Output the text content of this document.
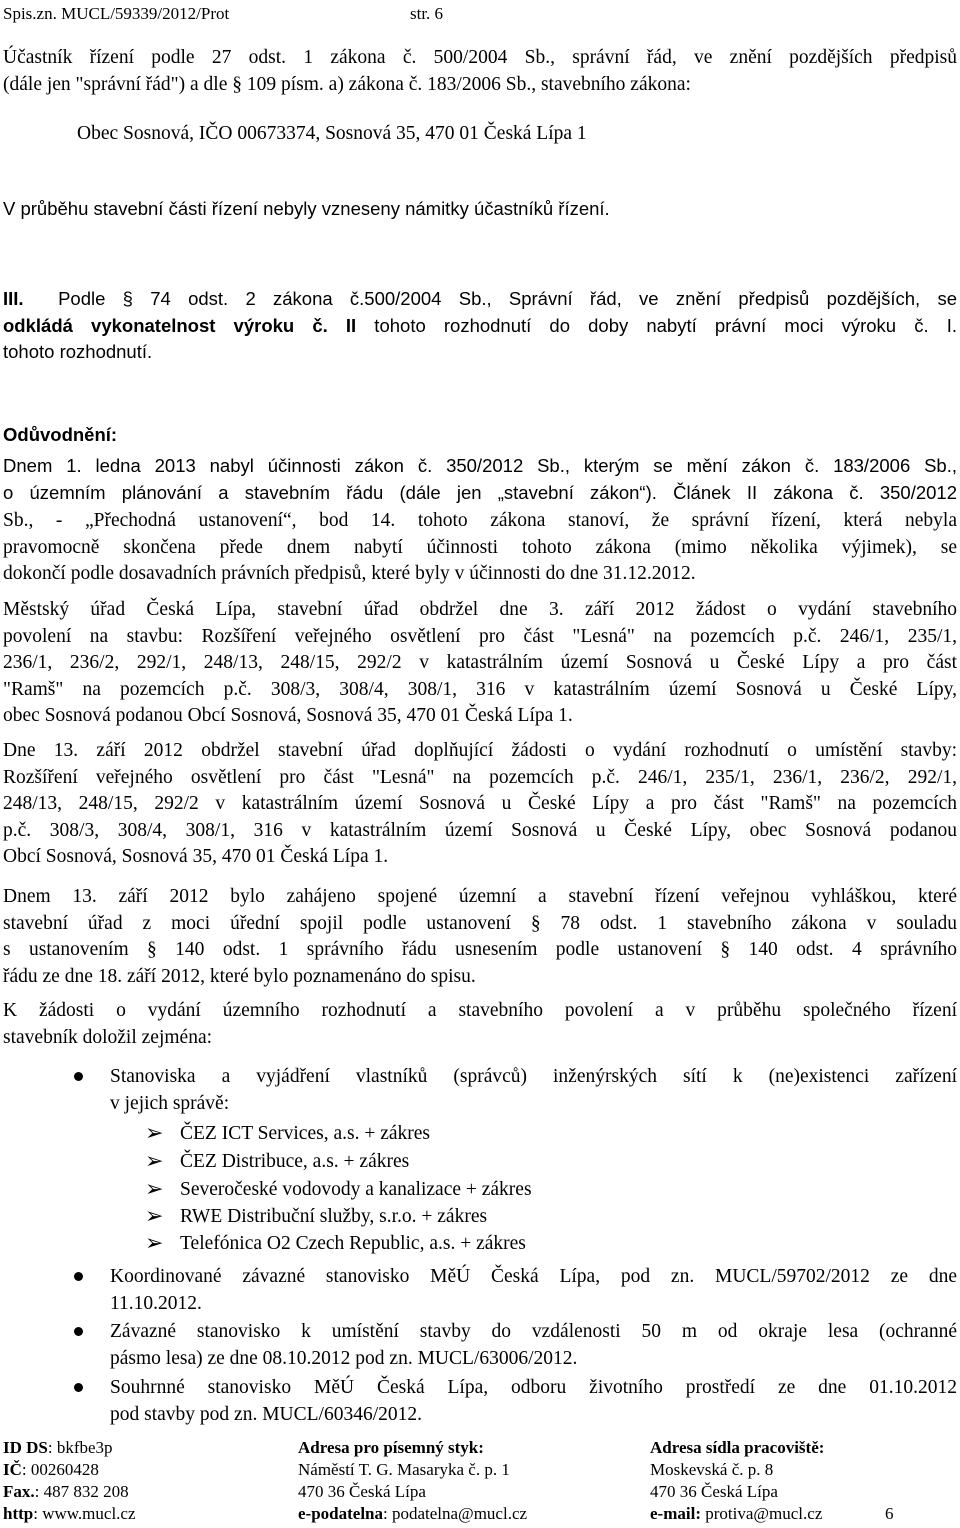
Spis.zn. MUCL/59339/2012/Prot	str. 6
Účastník řízení podle 27 odst. 1 zákona č. 500/2004 Sb., správní řád, ve znění pozdějších předpisů
(dále jen "správní řád") a dle § 109 písm. a) zákona č. 183/2006 Sb., stavebního zákona:
Obec Sosnová, IČO 00673374, Sosnová 35, 470 01 Česká Lípa 1
V průběhu stavební části řízení nebyly vzneseny námitky účastníků řízení.
III. Podle § 74 odst. 2 zákona č.500/2004 Sb., Správní řád, ve znění předpisů pozdějších, se
odkládá vykonatelnost výroku č. II tohoto rozhodnutí do doby nabytí právní moci výroku č. I.
tohoto rozhodnutí.
Odůvodnění:
Dnem 1. ledna 2013 nabyl účinnosti zákon č. 350/2012 Sb., kterým se mění zákon č. 183/2006 Sb.,
o územním plánování a stavebním řádu (dále jen „stavební zákon“). Článek II zákona č. 350/2012
Sb., - „Přechodná ustanovení“, bod 14. tohoto zákona stanoví, že správní řízení, která nebyla
pravomocně skončena přede dnem nabytí účinnosti tohoto zákona (mimo několika výjimek), se
dokončí podle dosavadních právních předpisů, které byly v účinnosti do dne 31.12.2012.
Městský úřad Česká Lípa, stavební úřad obdržel dne 3. září 2012 žádost o vydání stavebního
povolení na stavbu: Rozšíření veřejného osvětlení pro část "Lesná" na pozemcích p.č. 246/1, 235/1,
236/1, 236/2, 292/1, 248/13, 248/15, 292/2 v katastrálním území Sosnová u České Lípy a pro část
"Ramš" na pozemcích p.č. 308/3, 308/4, 308/1, 316 v katastrálním území Sosnová u České Lípy,
obec Sosnová podanou Obcí Sosnová, Sosnová 35, 470 01 Česká Lípa 1.
Dne 13. září 2012 obdržel stavební úřad doplňující žádosti o vydání rozhodnutí o umístění stavby:
Rozšíření veřejného osvětlení pro část "Lesná" na pozemcích p.č. 246/1, 235/1, 236/1, 236/2, 292/1,
248/13, 248/15, 292/2 v katastrálním území Sosnová u České Lípy a pro část "Ramš" na pozemcích
p.č. 308/3, 308/4, 308/1, 316 v katastrálním území Sosnová u České Lípy, obec Sosnová podanou
Obcí Sosnová, Sosnová 35, 470 01 Česká Lípa 1.
Dnem 13. září 2012 bylo zahájeno spojené územní a stavební řízení veřejnou vyhláškou, které
stavební úřad z moci úřední spojil podle ustanovení § 78 odst. 1 stavebního zákona v souladu
s ustanovením § 140 odst. 1 správního řádu usnesením podle ustanovení § 140 odst. 4 správního
řádu ze dne 18. září 2012, které bylo poznamenáno do spisu.
K žádosti o vydání územního rozhodnutí a stavebního povolení a v průběhu společného řízení
stavebník doložil zejména:
Stanoviska a vyjádření vlastníků (správců) inženýrských sítí k (ne)existenci zařízení
v jejich správě:
➢ ČEZ ICT Services, a.s. + zákres
➢ ČEZ Distribuce, a.s. + zákres
➢ Severočeské vodovody a kanalizace + zákres
➢ RWE Distribuční služby, s.r.o. + zákres
➢ Telefónica O2 Czech Republic, a.s. + zákres
Koordinované závazné stanovisko MěÚ Česká Lípa, pod zn. MUCL/59702/2012 ze dne
11.10.2012.
Závazné stanovisko k umístění stavby do vzdálenosti 50 m od okraje lesa (ochranné
pásmo lesa) ze dne 08.10.2012 pod zn. MUCL/63006/2012.
Souhrnné stanovisko MěÚ Česká Lípa, odboru životního prostředí ze dne 01.10.2012
pod stavby pod zn. MUCL/60346/2012.
ID DS: bkfbe3p
IČ: 00260428
Fax.: 487 832 208
http: www.mucl.cz
Adresa pro písemný styk:
Náměstí T. G. Masaryka č. p. 1
470 36 Česká Lípa
e-podatelna: podatelna@mucl.cz
Adresa sídla pracoviště:
Moskevská č. p. 8
470 36 Česká Lípa
e-mail: protiva@mucl.cz	6
